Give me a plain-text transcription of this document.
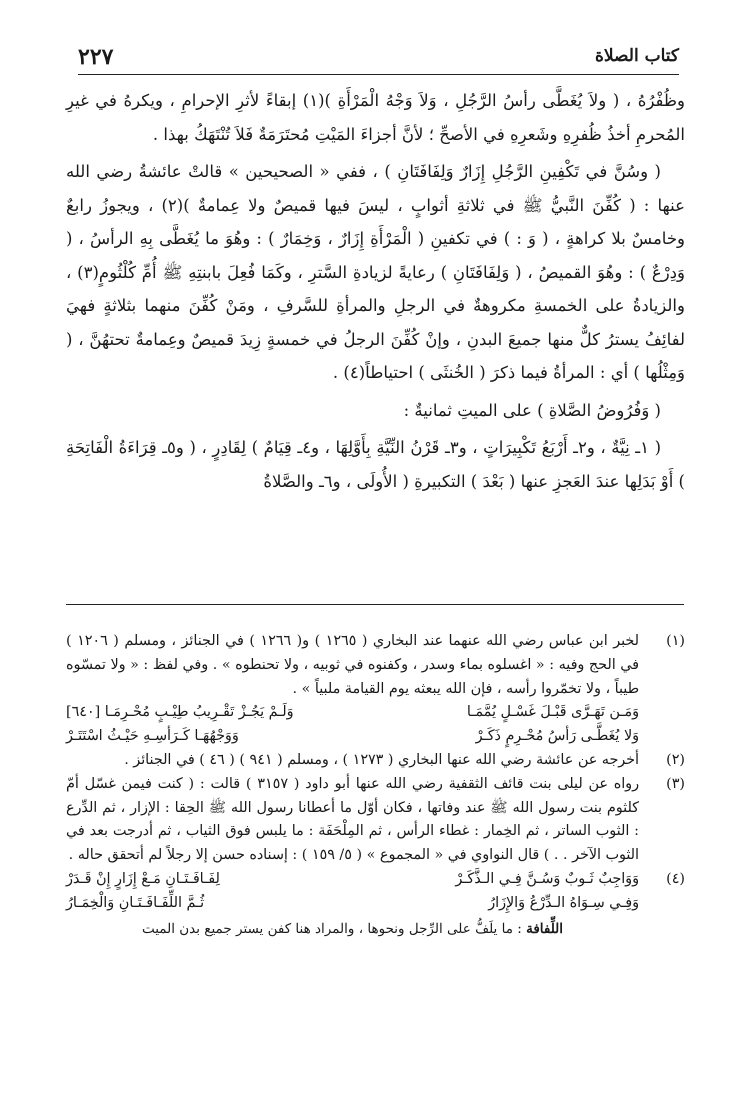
كتاب الصلاة
٢٢٧

وظُفْرُهُ ، ( ولاَ يُغَطَّى رأسُ الرَّجُلِ ، وَلاَ وَجْهُ الْمَرْأَةِ )(١) إبقاءً لأثرِ الإحرامِ ، ويكرهُ في غيرِ المُحرمِ أخذُ ظُفرِهِ وشَعرِهِ في الأصحِّ ؛ لأنَّ أجزاءَ المَيْتِ مُحتَرَمَةٌ فَلاَ تُنْتَهَكُ بهذا .

( وسُنَّ في تَكْفِينِ الرَّجُلِ إِزَارٌ وَلِفَافَتَانِ ) ، ففي « الصحيحين » قالتْ عائشةُ رضي الله عنها : ( كُفِّنَ النَّبيُّ ﷺ في ثلاثةِ أثوابٍ ، ليسَ فيها قميصٌ ولا عِمامةٌ )(٢) ، ويجوزُ رابعٌ وخامسٌ بلا كراهةٍ ، ( وَ : ) في تكفينِ ( الْمَرْأَةِ إِزَارٌ ، وَخِمَارٌ ) : وهُوَ ما يُغَطَّى بِهِ الرأسُ ، ( وَدِرْعٌ ) : وهُوَ القميصُ ، ( وَلِفَافَتَانِ ) رعايةً لزيادةِ السَّترِ ، وكَمَا فُعِلَ بابنتِهِ ﷺ أُمِّ كُلْثُومٍ(٣) ، والزيادةُ على الخمسةِ مكروهةٌ في الرجلِ والمرأةِ للسَّرفِ ، ومَنْ كُفِّنَ منهما بثلاثةٍ فهيَ لفائِفُ يسترُ كلٌّ منها جميعَ البدنِ ، وإنْ كُفِّنَ الرجلُ في خمسةٍ زِيدَ قميصٌ وعِمامةٌ تحتهُنَّ ، ( وَمِثْلُها ) أي : المرأةُ فيما ذكرَ ( الخُنثَى ) احتياطاً(٤) .

( وَفُرُوضُ الصَّلاةِ ) على الميتِ ثمانيةٌ :

( ١ـ نِيَّةٌ ، و٢ـ أَرْبَعُ تَكْبِيرَاتٍ ، و٣ـ قَرْنُ النِّيَّةِ بِأَوَّلِهَا ، و٤ـ قِيَامٌ ) لِقَادِرٍ ، ( و٥ـ قِرَاءَةُ الْفَاتِحَةِ ) أَوْ بَدَلِها عندَ العَجزِ عنها ( بَعْدَ ) التكبيرةِ ( الأُولَى ، و٦ـ والصَّلاةُ

(١)
لخبر ابن عباس رضي الله عنهما عند البخاري ( ١٢٦٥ ) و( ١٢٦٦ ) في الجنائز ، ومسلم ( ١٢٠٦ ) في الحج وفيه : « اغسلوه بماء وسدر ، وكفنوه في ثوبيه ، ولا تحنطوه » . وفي لفظ : « ولا تمسّوه طيباً ، ولا تخمّروا رأسه ، فإن الله يبعثه يوم القيامة ملبياً » .
وَمَـن تَهَـرَّى قَبْـلَ غَسْـلٍ يُمَّمَـا
وَلَـمْ يَجُـزْ تَقْـرِيبُ طِيْـبٍ مُحْـرِمَـا [٦٤٠]
وَلا يُغَطَّـى رَأسُ مُحْـرِمٍ ذَكَـرْ
وَوَجْهُهَـا كَـرَأسِـهِ حَيْـثُ اسْتَتَـرْ
(٢)
أخرجه عن عائشة رضي الله عنها البخاري ( ١٢٧٣ ) ، ومسلم ( ٩٤١ ) ( ٤٦ ) في الجنائز .
(٣)
رواه عن ليلى بنت قائف الثقفية رضي الله عنها أبو داود ( ٣١٥٧ ) قالت : ( كنت فيمن غسّل أمّ كلثوم بنت رسول الله ﷺ عند وفاتها ، فكان أوّل ما أعطانا رسول الله ﷺ الحِقا : الإزار ، ثم الدِّرع : الثوب الساتر ، ثم الخِمار : غطاء الرأس ، ثم المِلْحَفَة : ما يلبس فوق الثياب ، ثم أدرجت بعد في الثوب الآخر . . ) قال النواوي في « المجموع » ( ٥/ ١٥٩ ) : إسناده حسن إلا رجلاً لم أتحقق حاله .
(٤)
وَوَاجِبٌ ثَـوبٌ وَسُـنَّ فِـي الـذَّكَـرْ
لِفَـافَـتَـانِ مَـعْ إِزَارٍ إِنْ قَـدَرْ
وَفِـي سِـوَاهُ الـدِّرْعُ وَالإِزَارُ
ثُـمَّ اللِّفَـافَـتَـانِ وَالْخِمَـارُ
اللِّفافة : ما يلَفُّ على الرِّجل ونحوها ، والمراد هنا كفن يستر جميع بدن الميت
